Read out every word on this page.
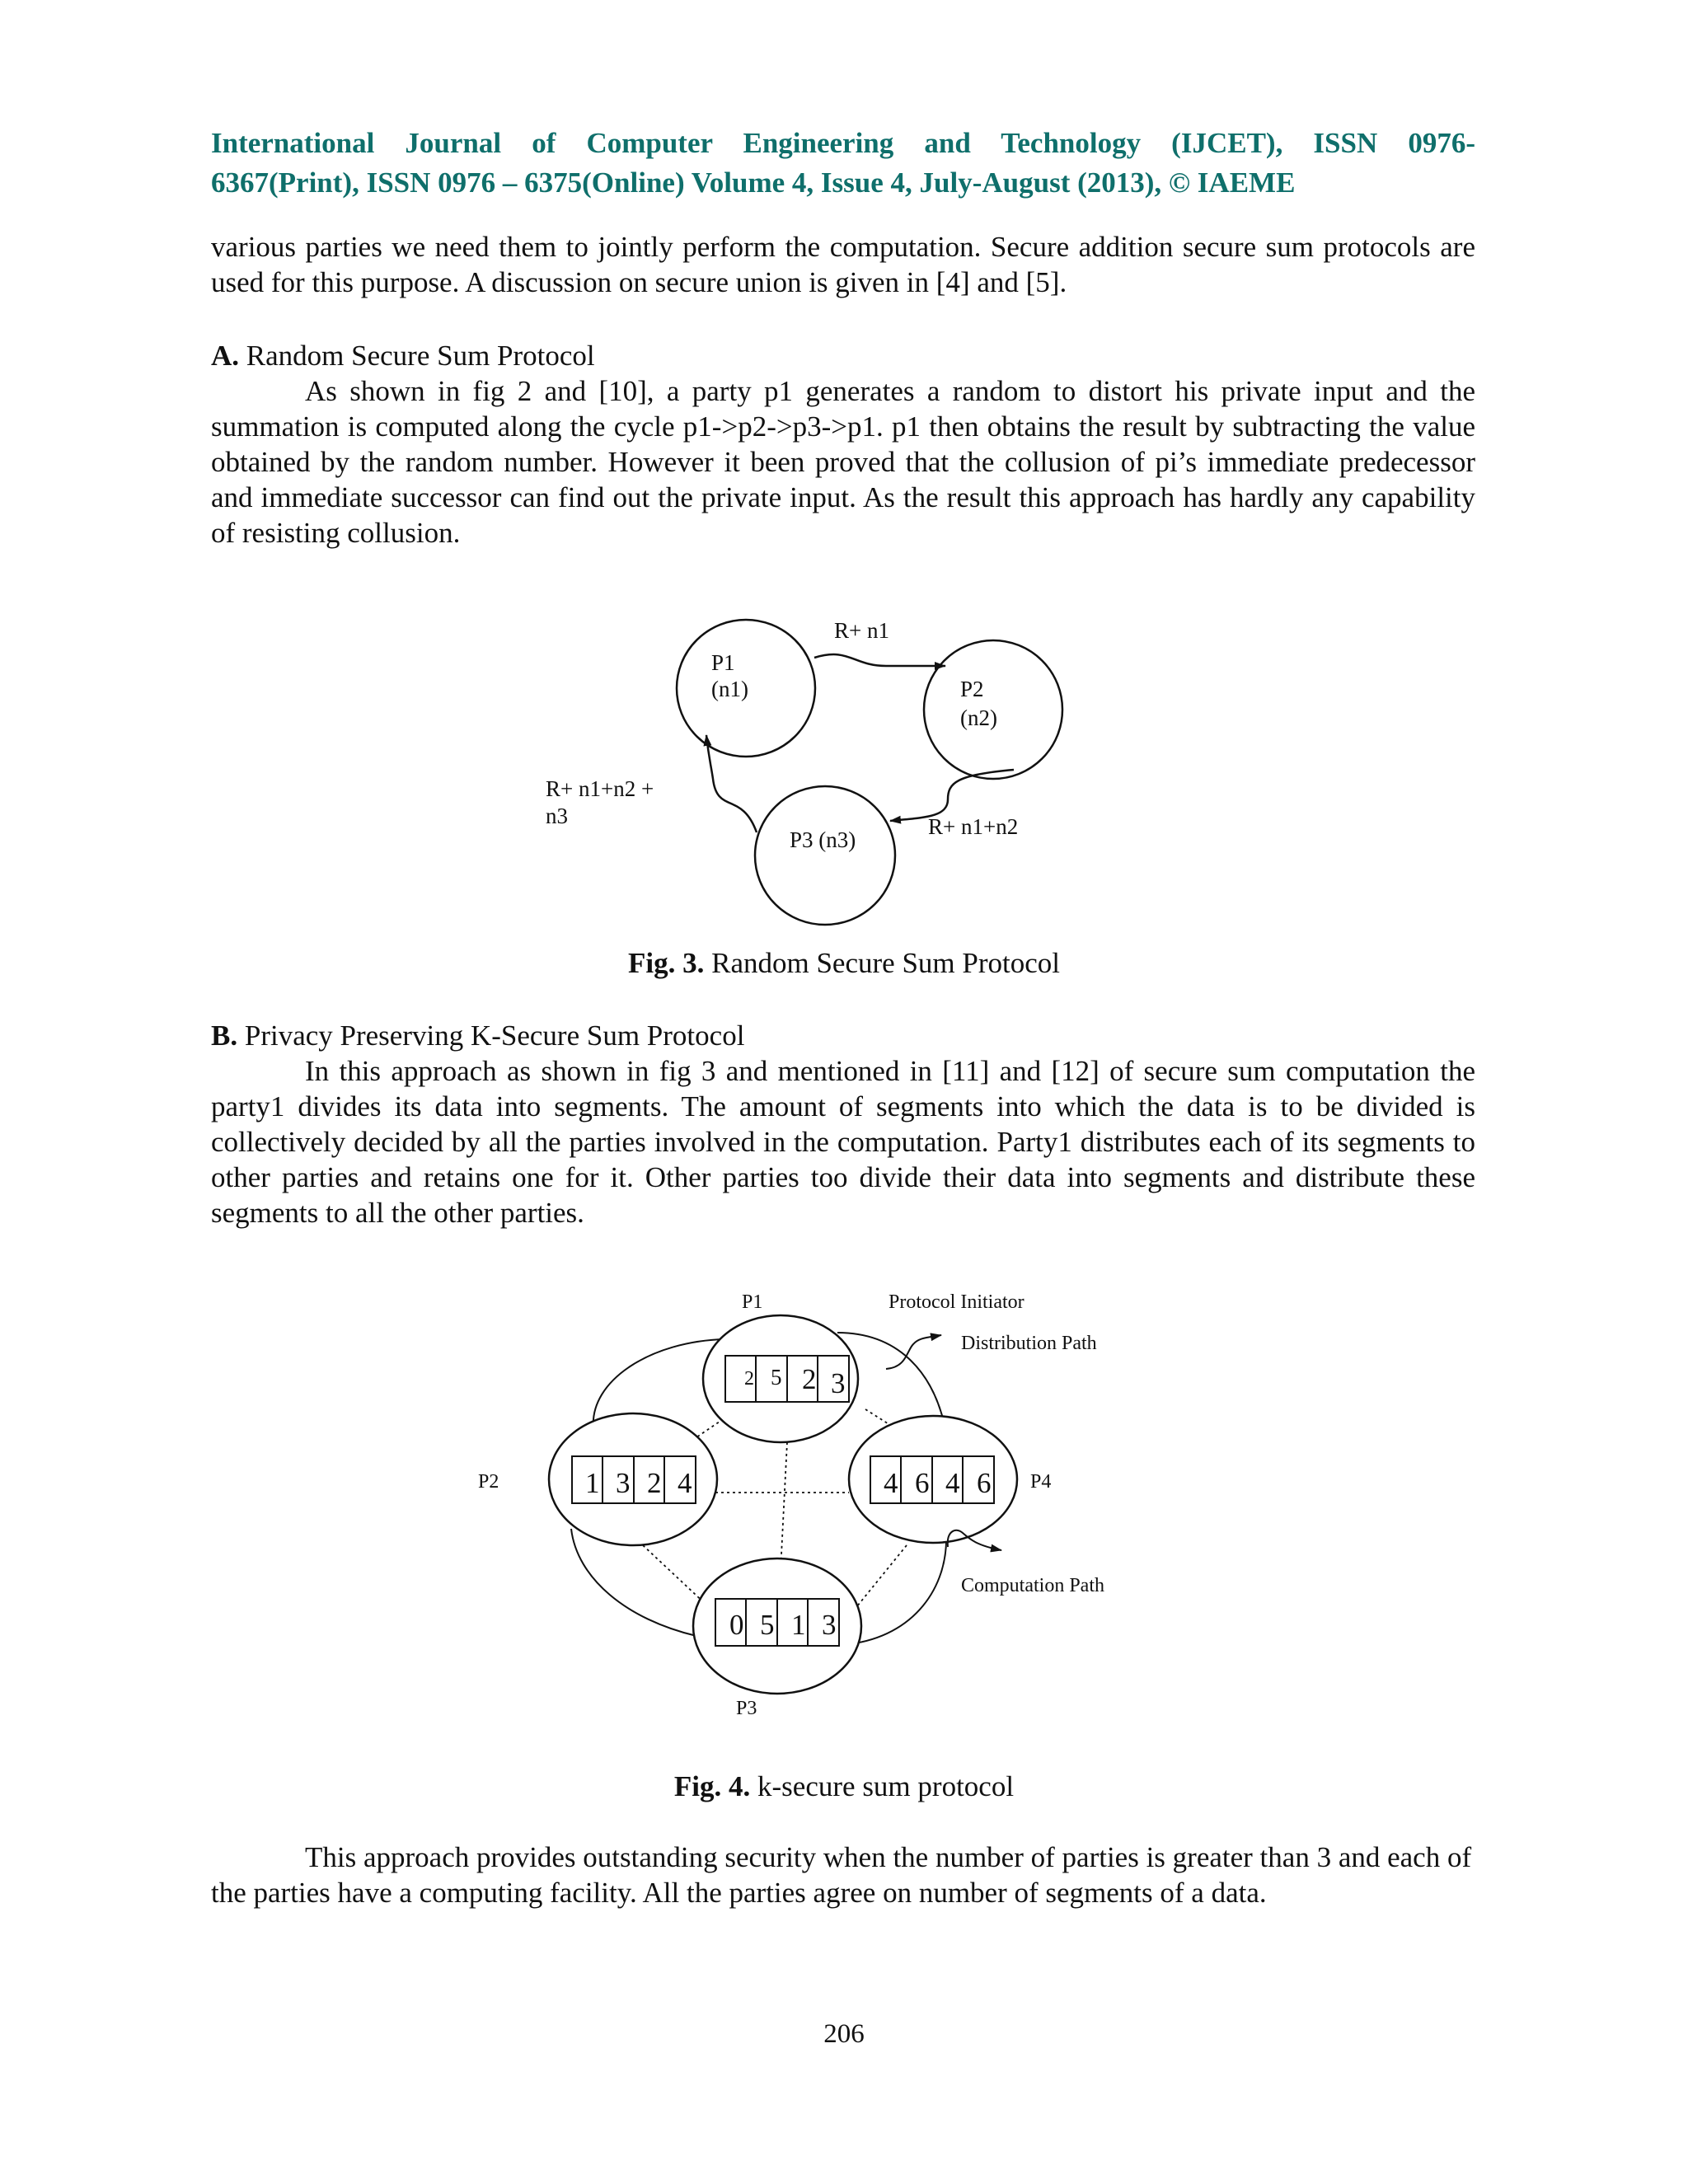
International Journal of Computer Engineering and Technology (IJCET), ISSN 0976-
6367(Print), ISSN 0976 – 6375(Online) Volume 4, Issue 4, July-August (2013), © IAEME
various parties we need them to jointly perform the computation. Secure addition secure sum protocols are used for this purpose. A discussion on secure union is given in [4] and [5].
A. Random Secure Sum Protocol
As shown in fig 2 and [10], a party p1 generates a random to distort his private input and the summation is computed along the cycle p1->p2->p3->p1. p1 then obtains the result by subtracting the value obtained by the random number. However it been proved that the collusion of pi’s immediate predecessor and immediate successor can find out the private input. As the result this approach has hardly any capability of resisting collusion.
P1
(n1)	P2
(n2)
P3 (n3)
R+ n1
R+ n1+n2
R+ n1+n2 +
n3
Fig. 3. Random Secure Sum Protocol
B. Privacy Preserving K-Secure Sum Protocol
In this approach as shown in fig 3 and mentioned in [11] and [12] of secure sum computation the party1 divides its data into segments. The amount of segments into which the data is to be divided is collectively decided by all the parties involved in the computation. Party1 distributes each of its segments to other parties and retains one for it. Other parties too divide their data into segments and distribute these segments to all the other parties.
2 5 2 3
1 3 2 4	4 6 4 6
0 5 1 3
P1
P2	P4
P3
Protocol Initiator
Distribution Path
Computation Path
Fig. 4. k-secure sum protocol
This approach provides outstanding security when the number of parties is greater than 3 and each of the parties have a computing facility. All the parties agree on number of segments of a data.
206
